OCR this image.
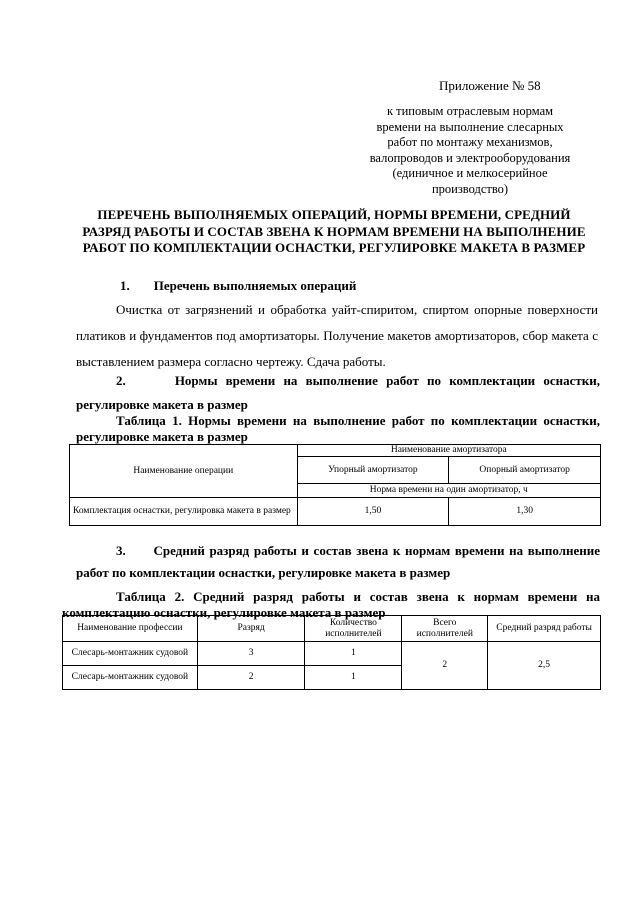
Приложение № 58
к типовым отраслевым нормам
времени на выполнение слесарных
работ по монтажу механизмов,
валопроводов и электрооборудования
(единичное и мелкосерийное
производство)
ПЕРЕЧЕНЬ ВЫПОЛНЯЕМЫХ ОПЕРАЦИЙ, НОРМЫ ВРЕМЕНИ, СРЕДНИЙ
РАЗРЯД РАБОТЫ И СОСТАВ ЗВЕНА К НОРМАМ ВРЕМЕНИ НА ВЫПОЛНЕНИЕ
РАБОТ ПО КОМПЛЕКТАЦИИ ОСНАСТКИ, РЕГУЛИРОВКЕ МАКЕТА В РАЗМЕР
1. Перечень выполняемых операций
Очистка от загрязнений и обработка уайт-спиритом, спиртом опорные поверхности платиков и фундаментов под амортизаторы. Получение макетов амортизаторов, сбор макета с выставлением размера согласно чертежу. Сдача работы.
2.	Нормы времени на выполнение работ по комплектации оснастки, регулировке макета в размер
Таблица 1. Нормы времени на выполнение работ по комплектации оснастки, регулировке макета в размер
Наименование операции	Наименование амортизатора	
	Упорный амортизатор	Опорный амортизатор
	Норма времени на один амортизатор, ч	
Комплектация оснастки, регулировка макета в размер	1,50	1,30
3. Средний разряд работы и состав звена к нормам времени на выполнение работ по комплектации оснастки, регулировке макета в размер
Таблица 2. Средний разряд работы и состав звена к нормам времени на комплектацию оснастки, регулировке макета в размер
Наименование профессии	Разряд	Количество исполнителей	Всего исполнителей	Средний разряд работы
Слесарь-монтажник судовой	3	1	2	2,5
Слесарь-монтажник судовой	2	1		
